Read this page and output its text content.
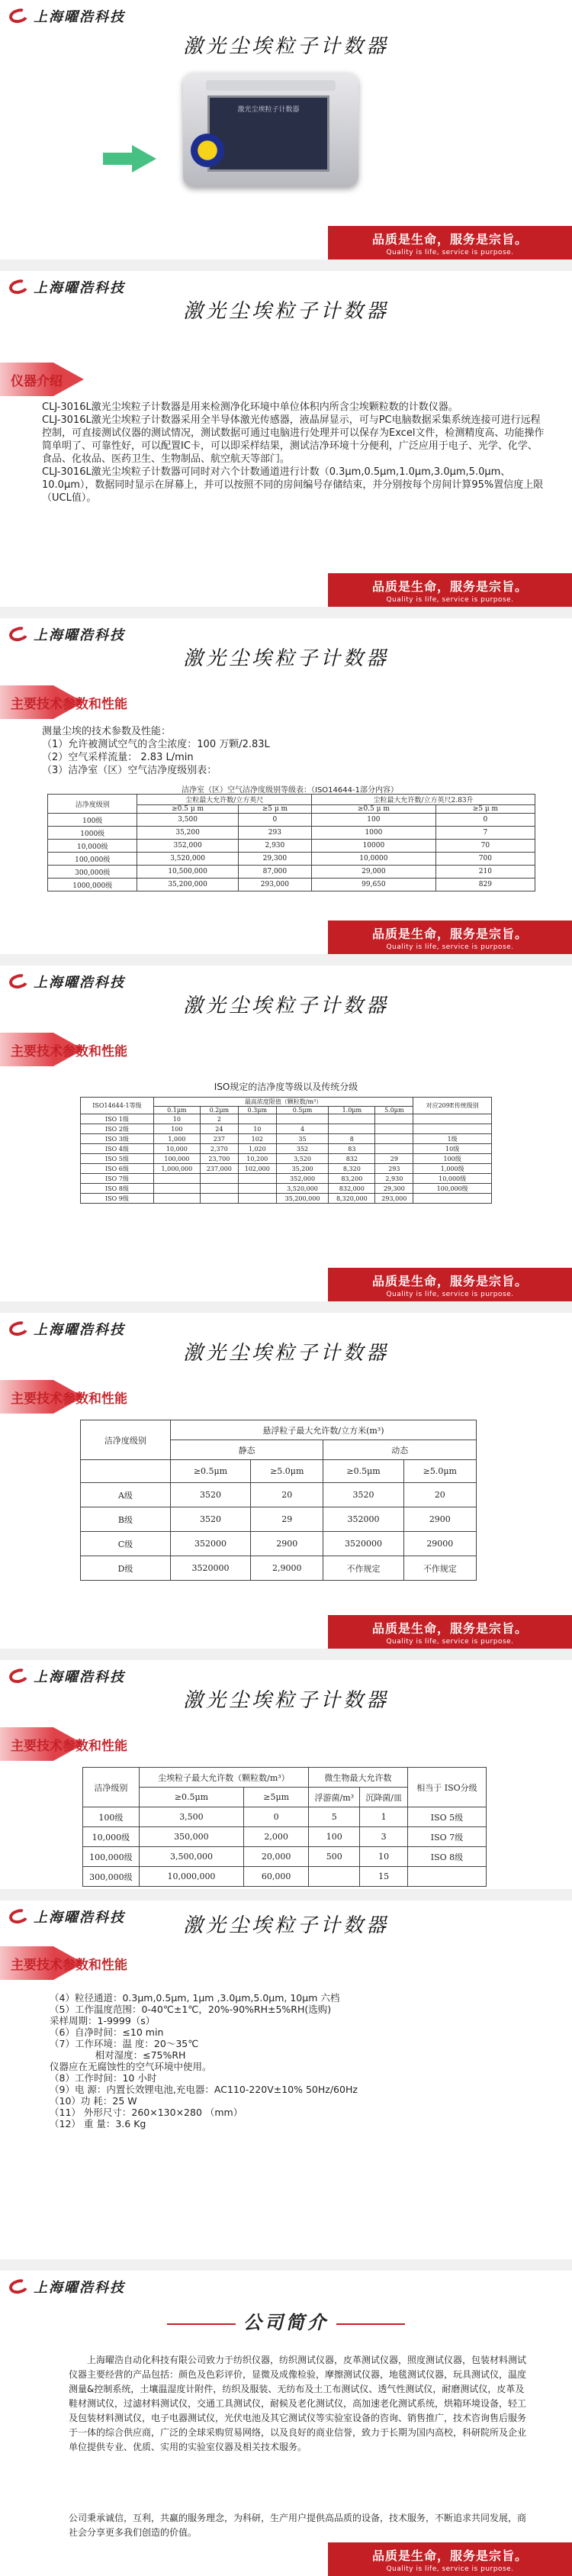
上海曜浩科技
激光尘埃粒子计数器
激光尘埃粒子计数器
品质是生命，服务是宗旨。
Quality is life, service is purpose.
上海曜浩科技
激光尘埃粒子计数器
仪器介绍

CLJ-3016L激光尘埃粒子计数器是用来检测净化环境中单位体积内所含尘埃颗粒数的计数仪器。

CLJ-3016L激光尘埃粒子计数器采用全半导体激光传感器，液晶屏显示，可与PC电脑数据采集系统连接可进行远程控制，可直接测试仪器的测试情况，测试数据可通过电脑进行处理并可以保存为Excel文件，检测精度高、功能操作简单明了、可靠性好，可以配置IC卡，可以即采样结果，测试洁净环境十分便利，广泛应用于电子、光学、化学、食品、化妆品、医药卫生、生物制品、航空航天等部门。

CLJ-3016L激光尘埃粒子计数器可同时对六个计数通道进行计数（0.3μm,0.5μm,1.0μm,3.0μm,5.0μm、10.0μm），数据同时显示在屏幕上，并可以按照不同的房间编号存储结束，并分别按每个房间计算95%置信度上限（UCL值）。

品质是生命，服务是宗旨。
Quality is life, service is purpose.
上海曜浩科技
激光尘埃粒子计数器
主要技术参数和性能

测量尘埃的技术参数及性能：

（1）允许被测试空气的含尘浓度：100 万颗/2.83L

（2）空气采样流量： 2.83 L/min

（3）洁净室（区）空气洁净度级别表：

洁净室（区）空气洁净度级别等级表：（ISO14644-1部分内容）
洁净度级别	尘粒最大允许数/立方英尺		尘粒最大允许数/立方英尺2.83升	
	≥0.5 μ m	≥5 μ m	≥0.5 μ m	≥5 μ m
100级	3,500	0	100	0
1000级	35,200	293	1000	7
10,000级	352,000	2,930	10000	70
100,000级	3,520,000	29,300	10,0000	700
300,000级	10,500,000	87,000	29,000	210
1000,000级	35,200,000	293,000	99,650	829
品质是生命，服务是宗旨。
Quality is life, service is purpose.
上海曜浩科技
激光尘埃粒子计数器
主要技术参数和性能
ISO规定的洁净度等级以及传统分级
ISO14644-1等级	最高浓度限值（颗粒数/m³）						对应209E传统级别
	0.1μm	0.2μm	0.3μm	0.5μm	1.0μm	5.0μm	
ISO 1级	10	2					
ISO 2级	100	24	10	4			
ISO 3级	1,000	237	102	35	8		1级
ISO 4级	10,000	2,370	1,020	352	83		10级
ISO 5级	100,000	23,700	10,200	3,520	832	29	100级
ISO 6级	1,000,000	237,000	102,000	35,200	8,320	293	1,000级
ISO 7级				352,000	83,200	2,930	10,000级
ISO 8级				3,520,000	832,000	29,300	100,000级
ISO 9级				35,200,000	8,320,000	293,000	
品质是生命，服务是宗旨。
Quality is life, service is purpose.
上海曜浩科技
激光尘埃粒子计数器
主要技术参数和性能
洁净度级别	悬浮粒子最大允许数/立方米(m³)			
	静态		动态	
	≥0.5μm	≥5.0μm	≥0.5μm	≥5.0μm
A级	3520	20	3520	20
B级	3520	29	352000	2900
C级	352000	2900	3520000	29000
D级	3520000	2,9000	不作规定	不作规定
品质是生命，服务是宗旨。
Quality is life, service is purpose.
上海曜浩科技
激光尘埃粒子计数器
主要技术参数和性能
洁净级别	尘埃粒子最大允许数（颗粒数/m³）		微生物最大允许数		相当于 ISO分级
	≥0.5μm	≥5μm	浮游菌/m³	沉降菌/皿	
100级	3,500	0	5	1	ISO 5级
10,000级	350,000	2,000	100	3	ISO 7级
100,000级	3,500,000	20,000	500	10	ISO 8级
300,000级	10,000,000	60,000		15	
上海曜浩科技	激光尘埃粒子计数器
主要技术参数和性能

（4）粒径通道：0.3μm,0.5μm, 1μm ,3.0μm,5.0μm, 10μm 六档

（5）工作温度范围：0-40℃±1℃，20%-90%RH±5%RH(选购)

采样周期：1-9999（s）

（6）自净时间：≤10 min

（7）工作环境：温 度：20～35℃

相对湿度：≤75%RH

仪器应在无腐蚀性的空气环境中使用。

（8）工作时间：10 小时

（9）电 源：内置长效锂电池,充电器：AC110-220V±10% 50Hz/60Hz

（10）功 耗：25 W

（11） 外形尺寸：260×130×280 （mm）

（12） 重 量：3.6 Kg

上海曜浩科技
公司简介

上海曜浩自动化科技有限公司致力于纺织仪器，纺织测试仪器，皮革测试仪器，照度测试仪器，包装材料测试仪器主要经营的产品包括：颜色及色彩评价，显微及成像检验，摩擦测试仪器，地毯测试仪器，玩具测试仪，温度测量&控制系统，土壤温湿度计附件，纺织及服装、无纺布及土工布测试仪、透气性测试仪，耐磨测试仪，皮革及鞋材测试仪，过滤材料测试仪，交通工具测试仪，耐候及老化测试仪，高加速老化测试系统，烘箱环境设备，轻工及包装材料测试仪，电子电器测试仪，光伏电池及其它测试仪等实验室设备的咨询、销售推广，技术咨询售后服务于一体的综合供应商，广泛的全球采购贸易网络，以及良好的商业信誉，致力于长期为国内高校，科研院所及企业单位提供专业、优质、实用的实验室仪器及相关技术服务。

公司秉承诚信，互利，共赢的服务理念，为科研，生产用户提供高品质的设备，技术服务，不断追求共同发展，商社会分享更多我们创造的价值。

品质是生命，服务是宗旨。
Quality is life, service is purpose.
